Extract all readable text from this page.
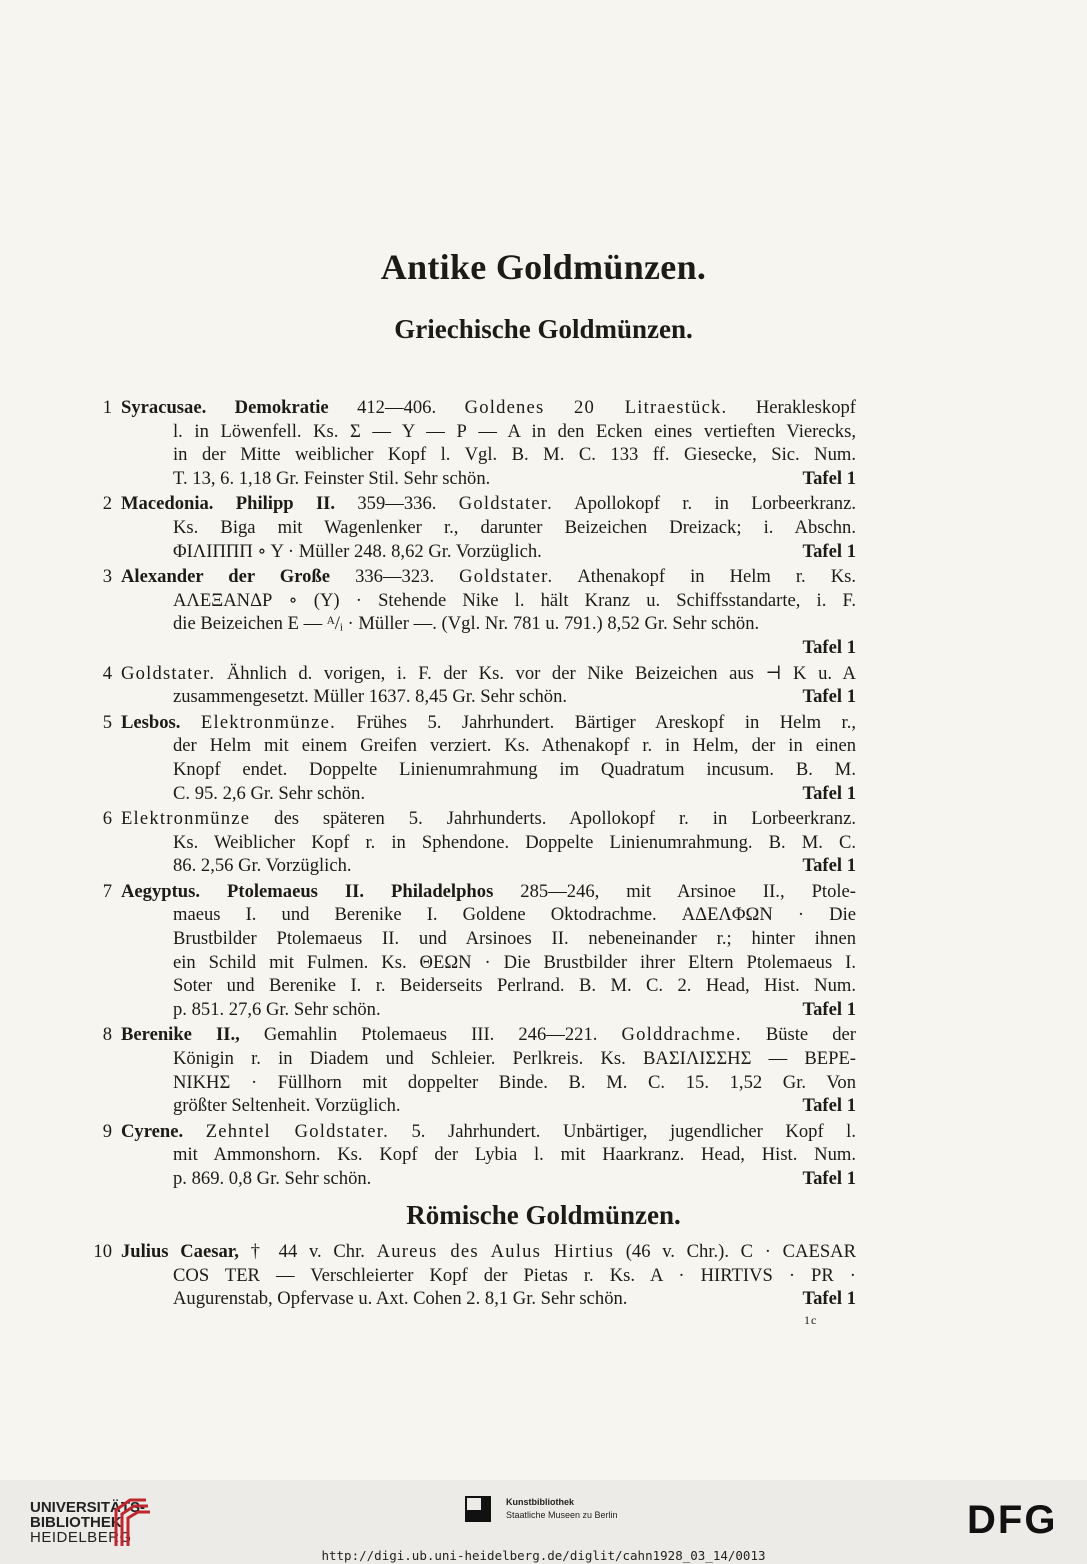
Antike Goldmünzen.
Griechische Goldmünzen.
1 Syracusae. Demokratie 412—406. Goldenes 20 Litraestück. Herakleskopf
l. in Löwenfell. Ks. Σ — Υ — Ρ — Α in den Ecken eines vertieften Vierecks,
in der Mitte weiblicher Kopf l. Vgl. B. M. C. 133 ff. Giesecke, Sic. Num.
T. 13, 6. 1,18 Gr. Feinster Stil. Sehr schön.	Tafel 1
2 Macedonia. Philipp II. 359—336. Goldstater. Apollokopf r. in Lorbeerkranz.
Ks. Biga mit Wagenlenker r., darunter Beizeichen Dreizack; i. Abschn.
ΦΙΛΙΠΠΠ ∘ Υ · Müller 248. 8,62 Gr. Vorzüglich.	Tafel 1
3 Alexander der Große 336—323. Goldstater. Athenakopf in Helm r. Ks.
ΑΛΕΞΑΝΔΡ ∘ (Υ) · Stehende Nike l. hält Kranz u. Schiffsstandarte, i. F.
die Beizeichen Ε — ᴬ/ᵢ · Müller —. (Vgl. Nr. 781 u. 791.) 8,52 Gr. Sehr schön.
Tafel 1
4 Goldstater. Ähnlich d. vorigen, i. F. der Ks. vor der Nike Beizeichen aus ⊣ K u. A
zusammengesetzt. Müller 1637. 8,45 Gr. Sehr schön.	Tafel 1
5 Lesbos. Elektronmünze. Frühes 5. Jahrhundert. Bärtiger Areskopf in Helm r.,
der Helm mit einem Greifen verziert. Ks. Athenakopf r. in Helm, der in einen
Knopf endet. Doppelte Linienumrahmung im Quadratum incusum. B. M.
C. 95. 2,6 Gr. Sehr schön.	Tafel 1
6 Elektronmünze des späteren 5. Jahrhunderts. Apollokopf r. in Lorbeerkranz.
Ks. Weiblicher Kopf r. in Sphendone. Doppelte Linienumrahmung. B. M. C.
86. 2,56 Gr. Vorzüglich.	Tafel 1
7 Aegyptus. Ptolemaeus II. Philadelphos 285—246, mit Arsinoe II., Ptole-
maeus I. und Berenike I. Goldene Oktodrachme. ΑΔΕΛΦΩΝ · Die
Brustbilder Ptolemaeus II. und Arsinoes II. nebeneinander r.; hinter ihnen
ein Schild mit Fulmen. Ks. ΘΕΩΝ · Die Brustbilder ihrer Eltern Ptolemaeus I.
Soter und Berenike I. r. Beiderseits Perlrand. B. M. C. 2. Head, Hist. Num.
p. 851. 27,6 Gr. Sehr schön.	Tafel 1
8 Berenike II., Gemahlin Ptolemaeus III. 246—221. Golddrachme. Büste der
Königin r. in Diadem und Schleier. Perlkreis. Ks. ΒΑΣΙΛΙΣΣΗΣ — ΒΕΡΕ-
ΝΙΚΗΣ · Füllhorn mit doppelter Binde. B. M. C. 15. 1,52 Gr. Von
größter Seltenheit. Vorzüglich.	Tafel 1
9 Cyrene. Zehntel Goldstater. 5. Jahrhundert. Unbärtiger, jugendlicher Kopf l.
mit Ammonshorn. Ks. Kopf der Lybia l. mit Haarkranz. Head, Hist. Num.
p. 869. 0,8 Gr. Sehr schön.	Tafel 1
Römische Goldmünzen.
10 Julius Caesar, † 44 v. Chr. Aureus des Aulus Hirtius (46 v. Chr.). C · CAESAR
COS TER — Verschleierter Kopf der Pietas r. Ks. A · HIRTIVS · PR ·
Augurenstab, Opfervase u. Axt. Cohen 2. 8,1 Gr. Sehr schön.	Tafel 1
1c
UNIVERSITÄTS-
BIBLIOTHEK
HEIDELBERG
Kunstbibliothek
Staatliche Museen zu Berlin	DFG
http://digi.ub.uni-heidelberg.de/diglit/cahn1928_03_14/0013
